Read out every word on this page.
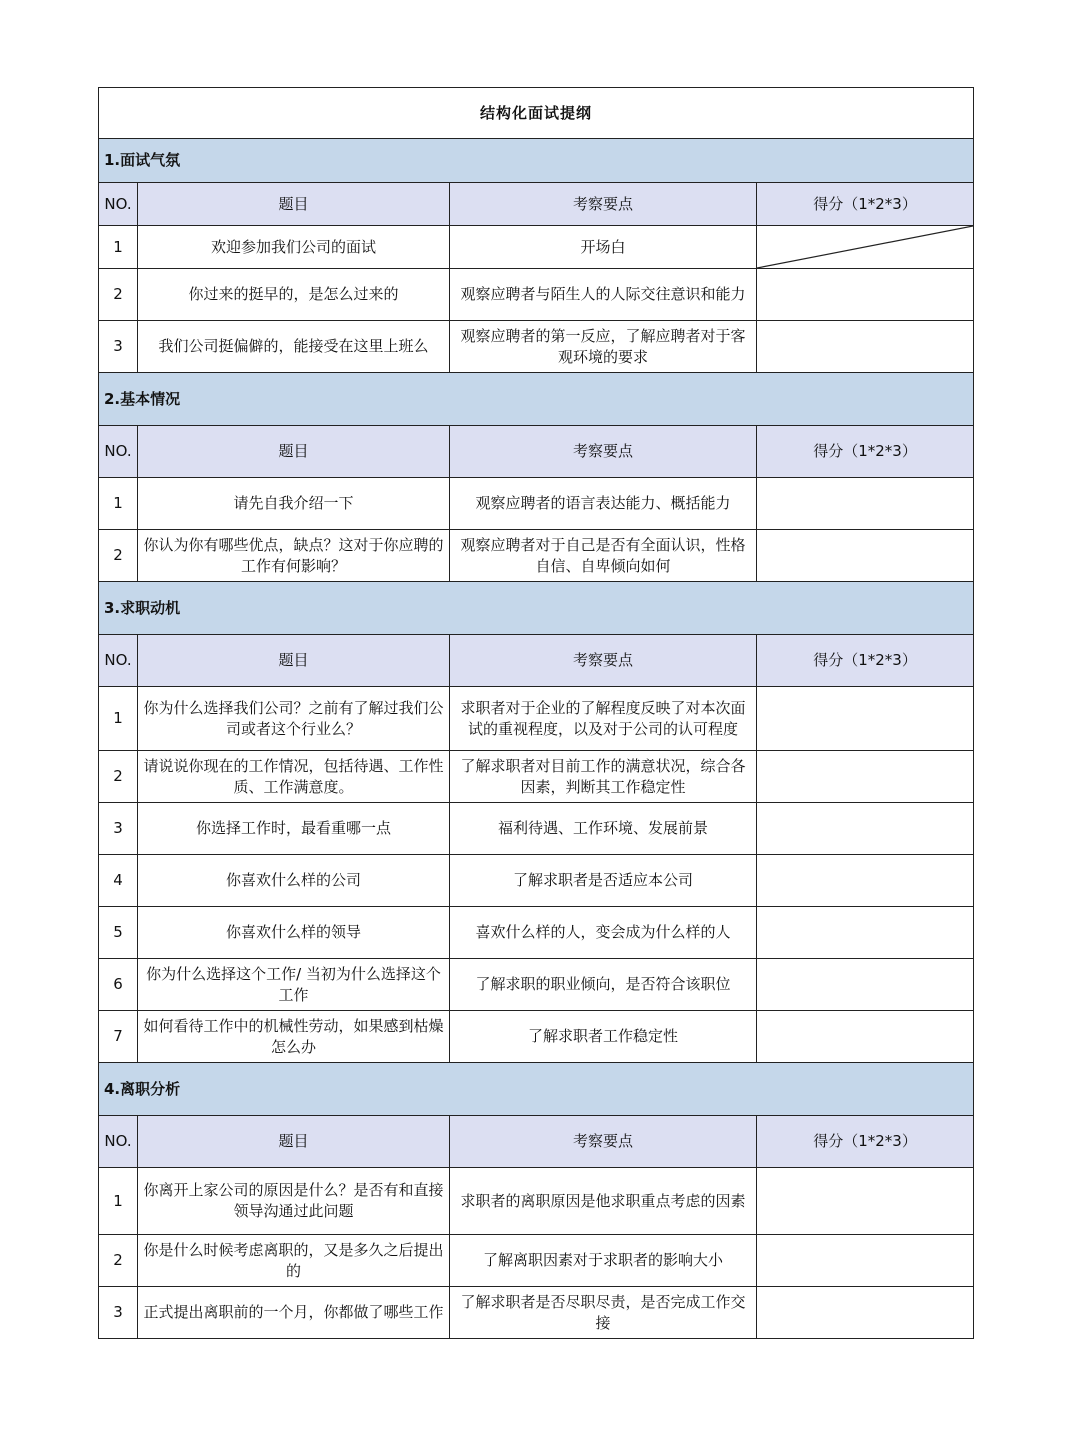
结构化面试提纲			
1.面试气氛			
NO.	题目	考察要点	得分（1*2*3）
1	欢迎参加我们公司的面试	开场白	

2	你过来的挺早的，是怎么过来的	观察应聘者与陌生人的人际交往意识和能力	
3	我们公司挺偏僻的，能接受在这里上班么	观察应聘者的第一反应，了解应聘者对于客观环境的要求	
2.基本情况			
NO.	题目	考察要点	得分（1*2*3）
1	请先自我介绍一下	观察应聘者的语言表达能力、概括能力	
2	你认为你有哪些优点，缺点？这对于你应聘的工作有何影响？	观察应聘者对于自己是否有全面认识，性格自信、自卑倾向如何	
3.求职动机			
NO.	题目	考察要点	得分（1*2*3）
1	你为什么选择我们公司？之前有了解过我们公司或者这个行业么？	求职者对于企业的了解程度反映了对本次面试的重视程度，以及对于公司的认可程度	
2	请说说你现在的工作情况，包括待遇、工作性质、工作满意度。	了解求职者对目前工作的满意状况，综合各因素，判断其工作稳定性	
3	你选择工作时，最看重哪一点	福利待遇、工作环境、发展前景	
4	你喜欢什么样的公司	了解求职者是否适应本公司	
5	你喜欢什么样的领导	喜欢什么样的人，变会成为什么样的人	
6	你为什么选择这个工作/ 当初为什么选择这个工作	了解求职的职业倾向，是否符合该职位	
7	如何看待工作中的机械性劳动，如果感到枯燥怎么办	了解求职者工作稳定性	
4.离职分析			
NO.	题目	考察要点	得分（1*2*3）
1	你离开上家公司的原因是什么？是否有和直接领导沟通过此问题	求职者的离职原因是他求职重点考虑的因素	
2	你是什么时候考虑离职的，又是多久之后提出的	了解离职因素对于求职者的影响大小	
3	正式提出离职前的一个月，你都做了哪些工作	了解求职者是否尽职尽责，是否完成工作交接	
